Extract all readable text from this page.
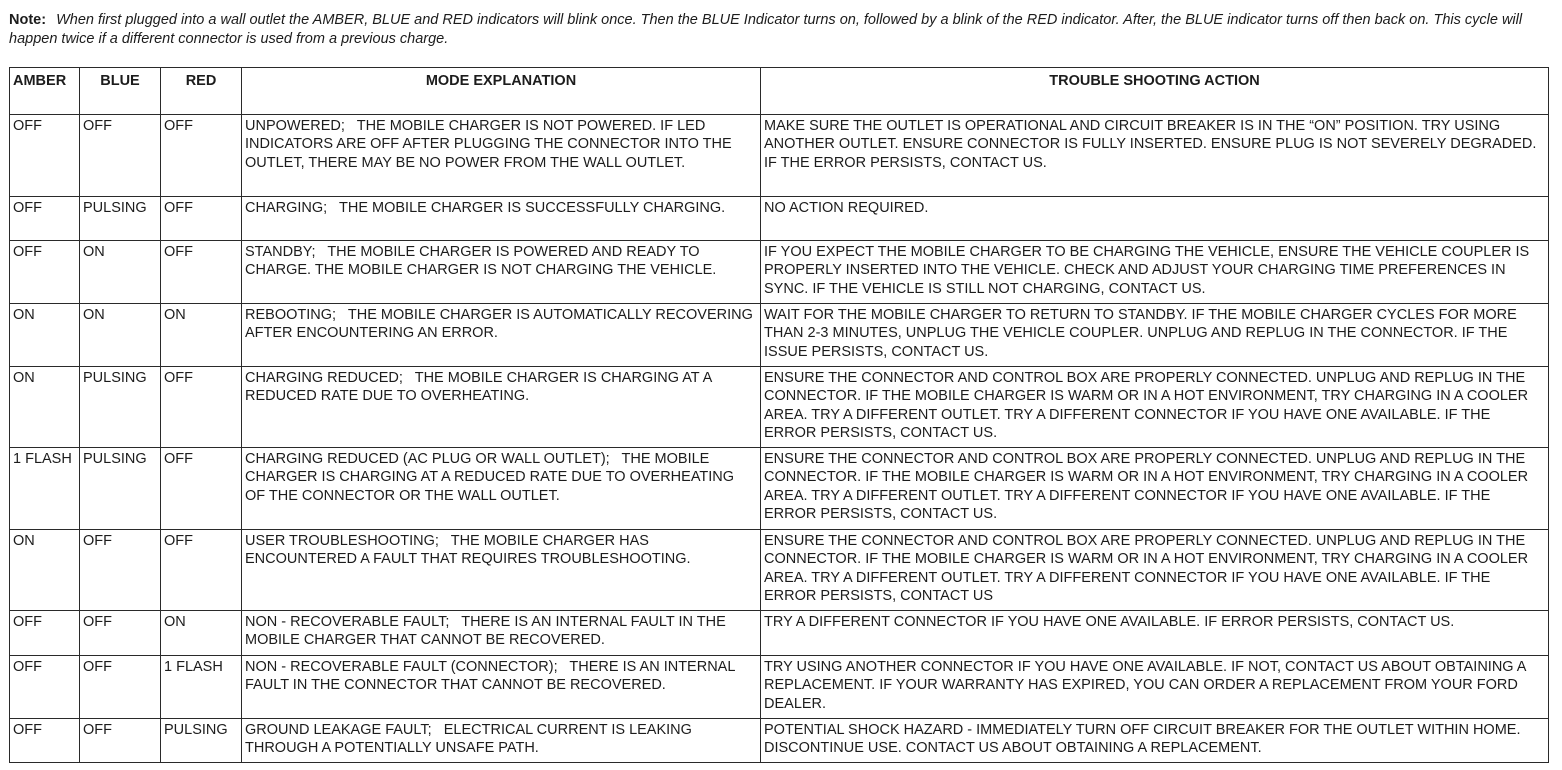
Note: When first plugged into a wall outlet the AMBER, BLUE and RED indicators will blink once. Then the BLUE Indicator turns on, followed by a blink of the RED indicator. After, the BLUE indicator turns off then back on. This cycle will happen twice if a different connector is used from a previous charge.
AMBER	BLUE	RED	MODE EXPLANATION	TROUBLE SHOOTING ACTION
OFF	OFF	OFF	UNPOWERED;   THE MOBILE CHARGER IS NOT POWERED. IF LED INDICATORS ARE OFF AFTER PLUGGING THE CONNECTOR INTO THE OUTLET, THERE MAY BE NO POWER FROM THE WALL OUTLET.	MAKE SURE THE OUTLET IS OPERATIONAL AND CIRCUIT BREAKER IS IN THE “ON” POSITION. TRY USING ANOTHER OUTLET. ENSURE CONNECTOR IS FULLY INSERTED. ENSURE PLUG IS NOT SEVERELY DEGRADED. IF THE ERROR PERSISTS, CONTACT US.
OFF	PULSING	OFF	CHARGING;   THE MOBILE CHARGER IS SUCCESSFULLY CHARGING.	NO ACTION REQUIRED.
OFF	ON	OFF	STANDBY;   THE MOBILE CHARGER IS POWERED AND READY TO CHARGE. THE MOBILE CHARGER IS NOT CHARGING THE VEHICLE.	IF YOU EXPECT THE MOBILE CHARGER TO BE CHARGING THE VEHICLE, ENSURE THE VEHICLE COUPLER IS PROPERLY INSERTED INTO THE VEHICLE. CHECK AND ADJUST YOUR CHARGING TIME PREFERENCES IN SYNC. IF THE VEHICLE IS STILL NOT CHARGING, CONTACT US.
ON	ON	ON	REBOOTING;   THE MOBILE CHARGER IS AUTOMATICALLY RECOVERING AFTER ENCOUNTERING AN ERROR.	WAIT FOR THE MOBILE CHARGER TO RETURN TO STANDBY. IF THE MOBILE CHARGER CYCLES FOR MORE THAN 2-3 MINUTES, UNPLUG THE VEHICLE COUPLER. UNPLUG AND REPLUG IN THE CONNECTOR. IF THE ISSUE PERSISTS, CONTACT US.
ON	PULSING	OFF	CHARGING REDUCED;   THE MOBILE CHARGER IS CHARGING AT A REDUCED RATE DUE TO OVERHEATING.	ENSURE THE CONNECTOR AND CONTROL BOX ARE PROPERLY CONNECTED. UNPLUG AND REPLUG IN THE CONNECTOR. IF THE MOBILE CHARGER IS WARM OR IN A HOT ENVIRONMENT, TRY CHARGING IN A COOLER AREA. TRY A DIFFERENT OUTLET. TRY A DIFFERENT CONNECTOR IF YOU HAVE ONE AVAILABLE. IF THE ERROR PERSISTS, CONTACT US.
1 FLASH	PULSING	OFF	CHARGING REDUCED (AC PLUG OR WALL OUTLET);   THE MOBILE CHARGER IS CHARGING AT A REDUCED RATE DUE TO OVERHEATING OF THE CONNECTOR OR THE WALL OUTLET.	ENSURE THE CONNECTOR AND CONTROL BOX ARE PROPERLY CONNECTED. UNPLUG AND REPLUG IN THE CONNECTOR. IF THE MOBILE CHARGER IS WARM OR IN A HOT ENVIRONMENT, TRY CHARGING IN A COOLER AREA. TRY A DIFFERENT OUTLET. TRY A DIFFERENT CONNECTOR IF YOU HAVE ONE AVAILABLE. IF THE ERROR PERSISTS, CONTACT US.
ON	OFF	OFF	USER TROUBLESHOOTING;   THE MOBILE CHARGER HAS ENCOUNTERED A FAULT THAT REQUIRES TROUBLESHOOTING.	ENSURE THE CONNECTOR AND CONTROL BOX ARE PROPERLY CONNECTED. UNPLUG AND REPLUG IN THE CONNECTOR. IF THE MOBILE CHARGER IS WARM OR IN A HOT ENVIRONMENT, TRY CHARGING IN A COOLER AREA. TRY A DIFFERENT OUTLET. TRY A DIFFERENT CONNECTOR IF YOU HAVE ONE AVAILABLE. IF THE ERROR PERSISTS, CONTACT US
OFF	OFF	ON	NON - RECOVERABLE FAULT;   THERE IS AN INTERNAL FAULT IN THE MOBILE CHARGER THAT CANNOT BE RECOVERED.	TRY A DIFFERENT CONNECTOR IF YOU HAVE ONE AVAILABLE. IF ERROR PERSISTS, CONTACT US.
OFF	OFF	1 FLASH	NON - RECOVERABLE FAULT (CONNECTOR);   THERE IS AN INTERNAL FAULT IN THE CONNECTOR THAT CANNOT BE RECOVERED.	TRY USING ANOTHER CONNECTOR IF YOU HAVE ONE AVAILABLE. IF NOT, CONTACT US ABOUT OBTAINING A REPLACEMENT. IF YOUR WARRANTY HAS EXPIRED, YOU CAN ORDER A REPLACEMENT FROM YOUR FORD DEALER.
OFF	OFF	PULSING	GROUND LEAKAGE FAULT;   ELECTRICAL CURRENT IS LEAKING THROUGH A POTENTIALLY UNSAFE PATH.	POTENTIAL SHOCK HAZARD - IMMEDIATELY TURN OFF CIRCUIT BREAKER FOR THE OUTLET WITHIN HOME. DISCONTINUE USE. CONTACT US ABOUT OBTAINING A REPLACEMENT.
